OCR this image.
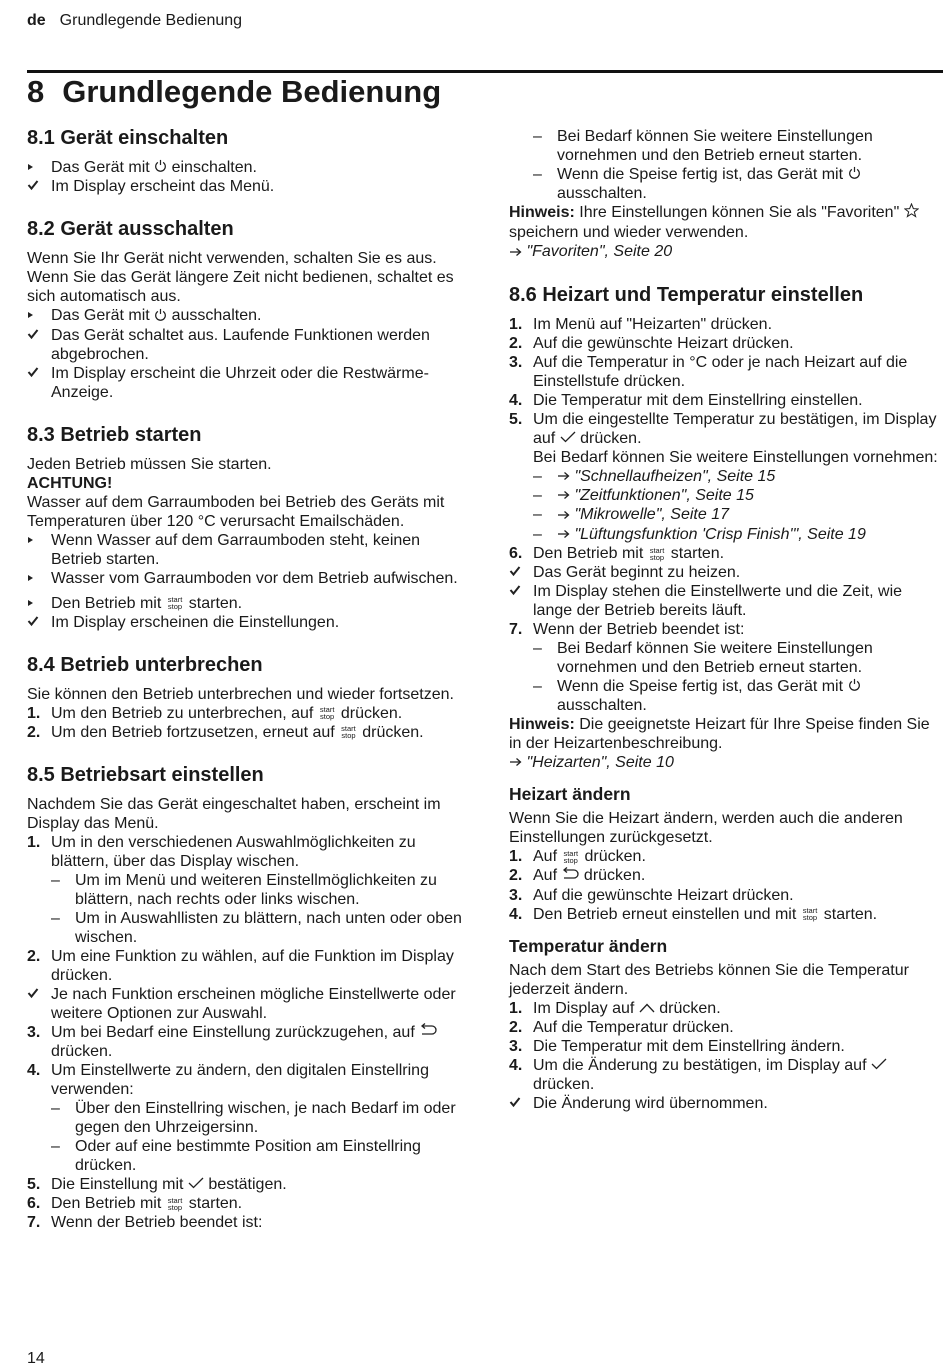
de Grundlegende Bedienung
8 Grundlegende Bedienung
8.1 Gerät einschalten
Das Gerät mit einschalten.
Im Display erscheint das Menü.
8.2 Gerät ausschalten

Wenn Sie Ihr Gerät nicht verwenden, schalten Sie es aus. Wenn Sie das Gerät längere Zeit nicht bedienen, schaltet es sich automatisch aus.

Das Gerät mit ausschalten.
Das Gerät schaltet aus. Laufende Funktionen werden abgebrochen.
Im Display erscheint die Uhrzeit oder die Restwärme-Anzeige.
8.3 Betrieb starten

Jeden Betrieb müssen Sie starten.

ACHTUNG!

Wasser auf dem Garraumboden bei Betrieb des Geräts mit Temperaturen über 120 °C verursacht Emailschäden.

Wenn Wasser auf dem Garraumboden steht, keinen Betrieb starten.
Wasser vom Garraumboden vor dem Betrieb aufwischen.
Den Betrieb mit start
stop starten.
Im Display erscheinen die Einstellungen.
8.4 Betrieb unterbrechen

Sie können den Betrieb unterbrechen und wieder fortsetzen.

1. Um den Betrieb zu unterbrechen, auf start
stop drücken.
2. Um den Betrieb fortzusetzen, erneut auf start
stop drücken.
8.5 Betriebsart einstellen

Nachdem Sie das Gerät eingeschaltet haben, erscheint im Display das Menü.

1. Um in den verschiedenen Auswahlmöglichkeiten zu blättern, über das Display wischen.
– Um im Menü und weiteren Einstellmöglichkeiten zu blättern, nach rechts oder links wischen.
– Um in Auswahllisten zu blättern, nach unten oder oben wischen.
2. Um eine Funktion zu wählen, auf die Funktion im Display drücken.
Je nach Funktion erscheinen mögliche Einstellwerte oder weitere Optionen zur Auswahl.
3. Um bei Bedarf eine Einstellung zurückzugehen, auf  drücken.
4. Um Einstellwerte zu ändern, den digitalen Einstellring verwenden:
– Über den Einstellring wischen, je nach Bedarf im oder gegen den Uhrzeigersinn.
– Oder auf eine bestimmte Position am Einstellring drücken.
5. Die Einstellung mit bestätigen.
6. Den Betrieb mit start
stop starten.
7. Wenn der Betrieb beendet ist:
– Bei Bedarf können Sie weitere Einstellungen vornehmen und den Betrieb erneut starten.
– Wenn die Speise fertig ist, das Gerät mit  ausschalten.

Hinweis: Ihre Einstellungen können Sie als "Favoriten"  speichern und wieder verwenden.

"Favoriten", Seite 20

8.6 Heizart und Temperatur einstellen
1. Im Menü auf "Heizarten" drücken.
2. Auf die gewünschte Heizart drücken.
3. Auf die Temperatur in °C oder je nach Heizart auf die Einstellstufe drücken.
4. Die Temperatur mit dem Einstellring einstellen.
5. Um die eingestellte Temperatur zu bestätigen, im Display auf drücken.
Bei Bedarf können Sie weitere Einstellungen vornehmen:
– "Schnellaufheizen", Seite 15
– "Zeitfunktionen", Seite 15
– "Mikrowelle", Seite 17
– "Lüftungsfunktion 'Crisp Finish'", Seite 19
6. Den Betrieb mit start
stop starten.
Das Gerät beginnt zu heizen.
Im Display stehen die Einstellwerte und die Zeit, wie lange der Betrieb bereits läuft.
7. Wenn der Betrieb beendet ist:
– Bei Bedarf können Sie weitere Einstellungen vornehmen und den Betrieb erneut starten.
– Wenn die Speise fertig ist, das Gerät mit  ausschalten.

Hinweis: Die geeignetste Heizart für Ihre Speise finden Sie in der Heizartenbeschreibung.

"Heizarten", Seite 10

Heizart ändern

Wenn Sie die Heizart ändern, werden auch die anderen Einstellungen zurückgesetzt.

1. Auf start
stop drücken.
2. Auf drücken.
3. Auf die gewünschte Heizart drücken.
4. Den Betrieb erneut einstellen und mit start
stop starten.
Temperatur ändern

Nach dem Start des Betriebs können Sie die Temperatur jederzeit ändern.

1. Im Display auf drücken.
2. Auf die Temperatur drücken.
3. Die Temperatur mit dem Einstellring ändern.
4. Um die Änderung zu bestätigen, im Display auf  drücken.
Die Änderung wird übernommen.
14
